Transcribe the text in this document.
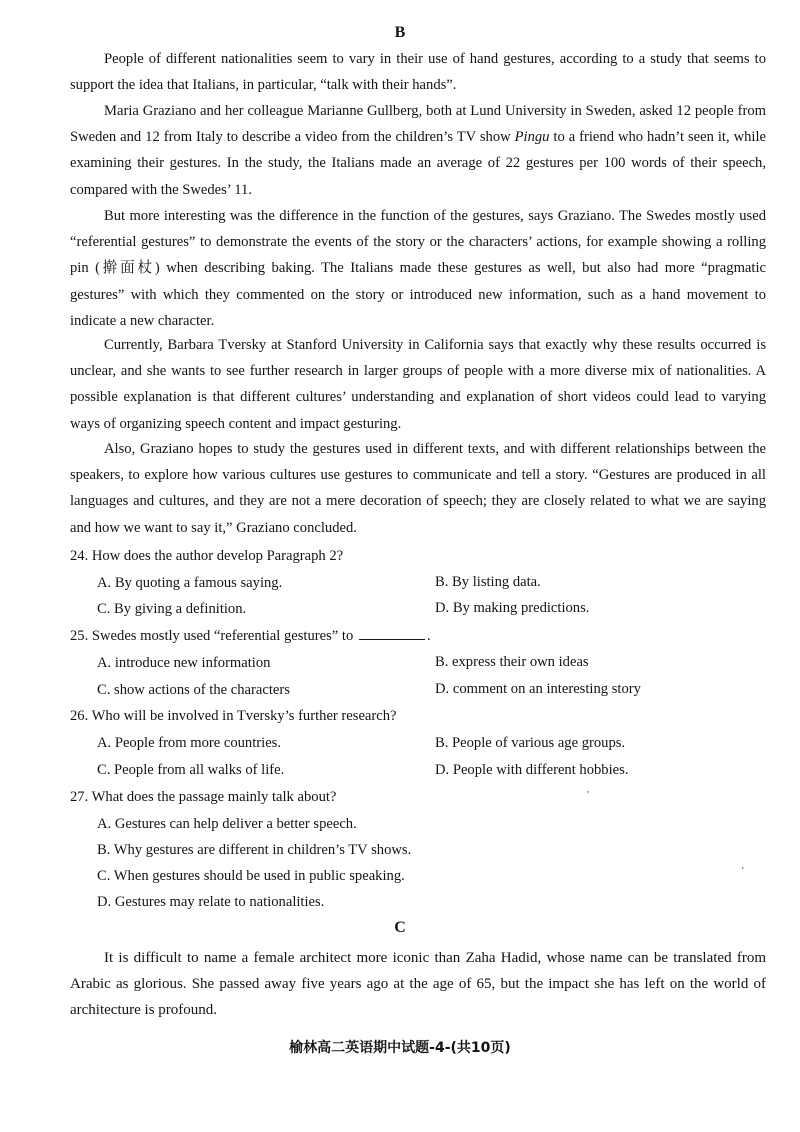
B

People of different nationalities seem to vary in their use of hand gestures, according to a study that seems to support the idea that Italians, in particular, “talk with their hands”.

Maria Graziano and her colleague Marianne Gullberg, both at Lund University in Sweden, asked 12 people from Sweden and 12 from Italy to describe a video from the children’s TV show Pingu to a friend who hadn’t seen it, while examining their gestures. In the study, the Italians made an average of 22 gestures per 100 words of their speech, compared with the Swedes’ 11.

But more interesting was the difference in the function of the gestures, says Graziano. The Swedes mostly used “referential gestures” to demonstrate the events of the story or the characters’ actions, for example showing a rolling pin (擀面杖) when describing baking. The Italians made these gestures as well, but also had more “pragmatic gestures” with which they commented on the story or introduced new information, such as a hand movement to indicate a new character.

Currently, Barbara Tversky at Stanford University in California says that exactly why these results occurred is unclear, and she wants to see further research in larger groups of people with a more diverse mix of nationalities. A possible explanation is that different cultures’ understanding and explanation of short videos could lead to varying ways of organizing speech content and impact gesturing.

Also, Graziano hopes to study the gestures used in different texts, and with different relationships between the speakers, to explore how various cultures use gestures to communicate and tell a story. “Gestures are produced in all languages and cultures, and they are not a mere decoration of speech; they are closely related to what we are saying and how we want to say it,” Graziano concluded.

24. How does the author develop Paragraph 2?
A. By quoting a famous saying.	B. By listing data.
C. By giving a definition.	D. By making predictions.
25. Swedes mostly used “referential gestures” to	.
A. introduce new information	B. express their own ideas
C. show actions of the characters	D. comment on an interesting story
26. Who will be involved in Tversky’s further research?
A. People from more countries.	B. People of various age groups.
C. People from all walks of life.	D. People with different hobbies.
27. What does the passage mainly talk about?
A. Gestures can help deliver a better speech.
B. Why gestures are different in children’s TV shows.
C. When gestures should be used in public speaking.
D. Gestures may relate to nationalities.
'
'
C

It is difficult to name a female architect more iconic than Zaha Hadid, whose name can be translated from Arabic as glorious. She passed away five years ago at the age of 65, but the impact she has left on the world of architecture is profound.

榆林高二英语期中试题-4-(共10页)
